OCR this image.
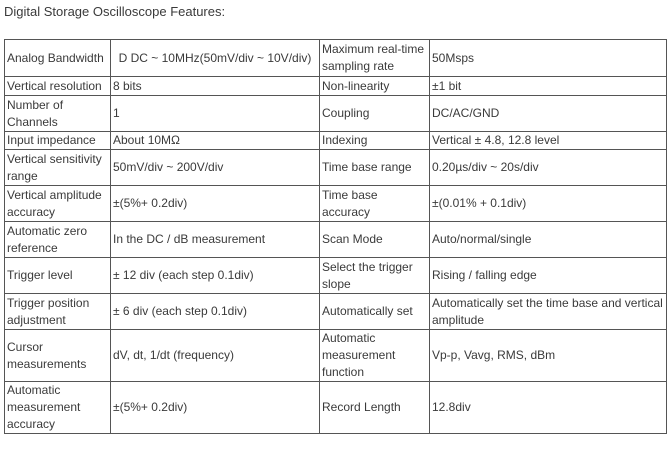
Digital Storage Oscilloscope Features:
Analog Bandwidth	D DC ~ 10MHz(50mV/div ~ 10V/div)	Maximum real-time sampling rate	50Msps
Vertical resolution	8 bits	Non-linearity	±1 bit
Number of Channels	1	Coupling	DC/AC/GND
Input impedance	About 10MΩ	Indexing	Vertical ± 4.8, 12.8 level
Vertical sensitivity range	50mV/div ~ 200V/div	Time base range	0.20µs/div ~ 20s/div
Vertical amplitude accuracy	±(5%+ 0.2div)	Time base accuracy	±(0.01% + 0.1div)
Automatic zero reference	In the DC / dB measurement	Scan Mode	Auto/normal/single
Trigger level	± 12 div (each step 0.1div)	Select the trigger slope	Rising / falling edge
Trigger position adjustment	± 6 div (each step 0.1div)	Automatically set	Automatically set the time base and vertical amplitude
Cursor measurements	dV, dt, 1/dt (frequency)	Automatic measurement function	Vp-p, Vavg, RMS, dBm
Automatic measurement accuracy	±(5%+ 0.2div)	Record Length	12.8div
